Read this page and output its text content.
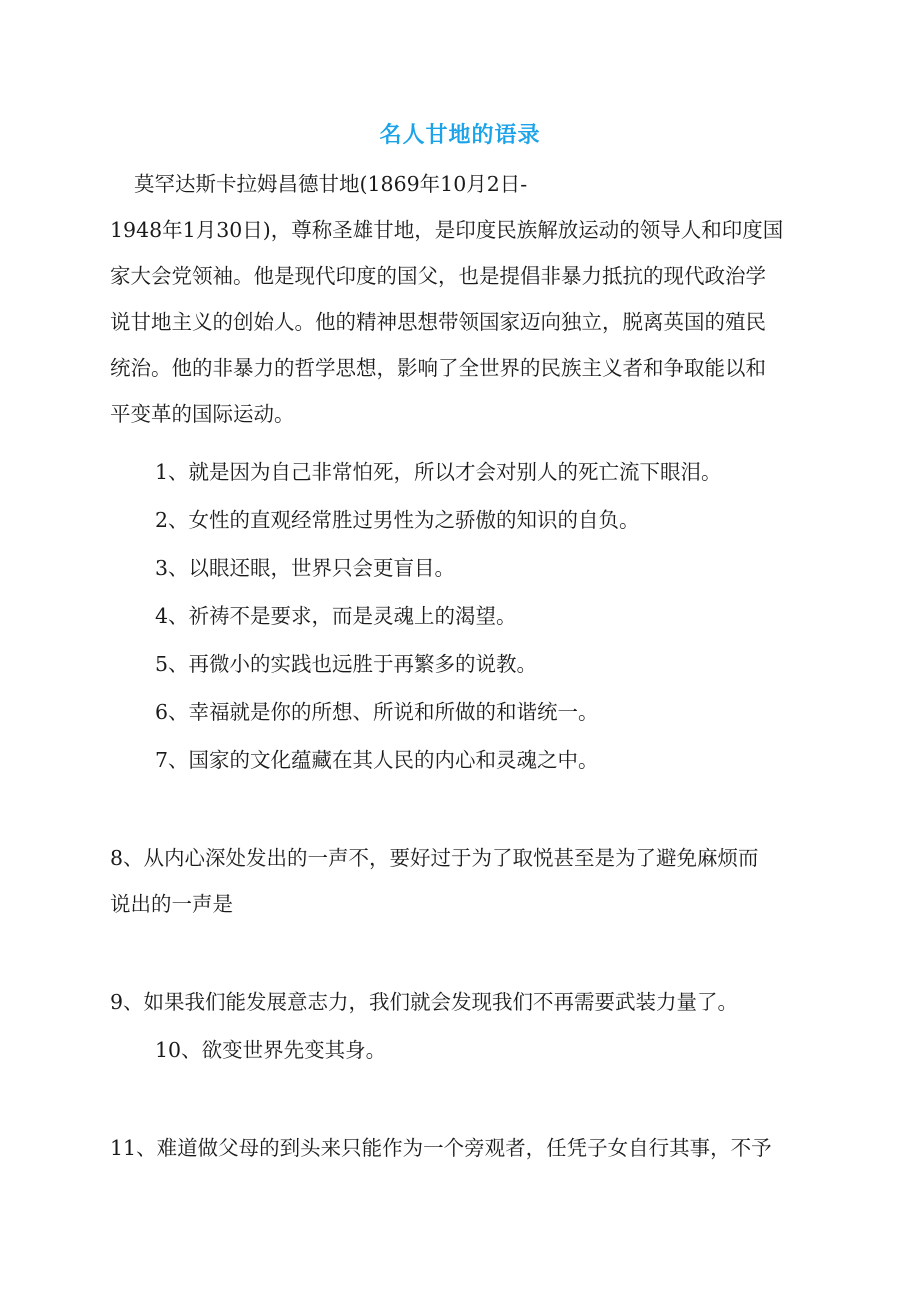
名人甘地的语录
莫罕达斯卡拉姆昌德甘地(1869年10月2日-
1948年1月30日)，尊称圣雄甘地，是印度民族解放运动的领导人和印度国
家大会党领袖。他是现代印度的国父，也是提倡非暴力抵抗的现代政治学
说甘地主义的创始人。他的精神思想带领国家迈向独立，脱离英国的殖民
统治。他的非暴力的哲学思想，影响了全世界的民族主义者和争取能以和
平变革的国际运动。
1、就是因为自己非常怕死，所以才会对别人的死亡流下眼泪。
2、女性的直观经常胜过男性为之骄傲的知识的自负。
3、以眼还眼，世界只会更盲目。
4、祈祷不是要求，而是灵魂上的渴望。
5、再微小的实践也远胜于再繁多的说教。
6、幸福就是你的所想、所说和所做的和谐统一。
7、国家的文化蕴藏在其人民的内心和灵魂之中。
8、从内心深处发出的一声不，要好过于为了取悦甚至是为了避免麻烦而
说出的一声是
9、如果我们能发展意志力，我们就会发现我们不再需要武装力量了。
10、欲变世界先变其身。
11、难道做父母的到头来只能作为一个旁观者，任凭子女自行其事，不予
